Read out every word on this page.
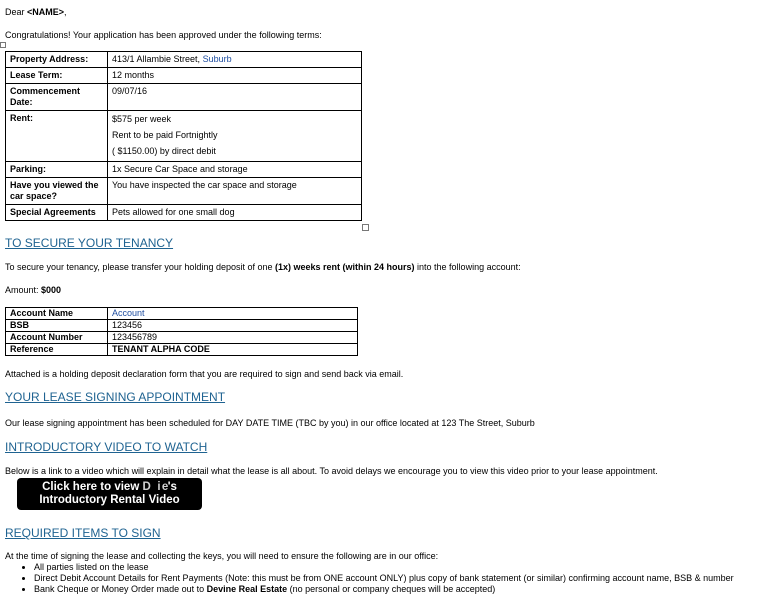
Dear <NAME>,
Congratulations! Your application has been approved under the following terms:
Property Address:	413/1 Allambie Street, Suburb
Lease Term:	12 months
Commencement Date:	09/07/16
Rent:	$575 per week
Rent to be paid Fortnightly
( $1150.00) by direct debit

Parking:	1x Secure Car Space and storage
Have you viewed the car space?	You have inspected the car space and storage
Special Agreements	Pets allowed for one small dog
TO SECURE YOUR TENANCY
To secure your tenancy, please transfer your holding deposit of one (1x) weeks rent (within 24 hours) into the following account:
Amount: $000
Account Name	Account
BSB	123456
Account Number	123456789
Reference	TENANT ALPHA CODE
Attached is a holding deposit declaration form that you are required to sign and send back via email.
YOUR LEASE SIGNING APPOINTMENT
Our lease signing appointment has been scheduled for DAY DATE TIME (TBC by you) in our office located at 123 The Street, Suburb
INTRODUCTORY VIDEO TO WATCH
Below is a link to a video which will explain in detail what the lease is all about. To avoid delays we encourage you to view this video prior to your lease appointment.
Click here to view D  i e's
Introductory Rental Video
REQUIRED ITEMS TO SIGN
At the time of signing the lease and collecting the keys, you will need to ensure the following are in our office:
• All parties listed on the lease
• Direct Debit Account Details for Rent Payments (Note: this must be from ONE account ONLY) plus copy of bank statement (or similar) confirming account name, BSB & number
• Bank Cheque or Money Order made out to Devine Real Estate (no personal or company cheques will be accepted)
